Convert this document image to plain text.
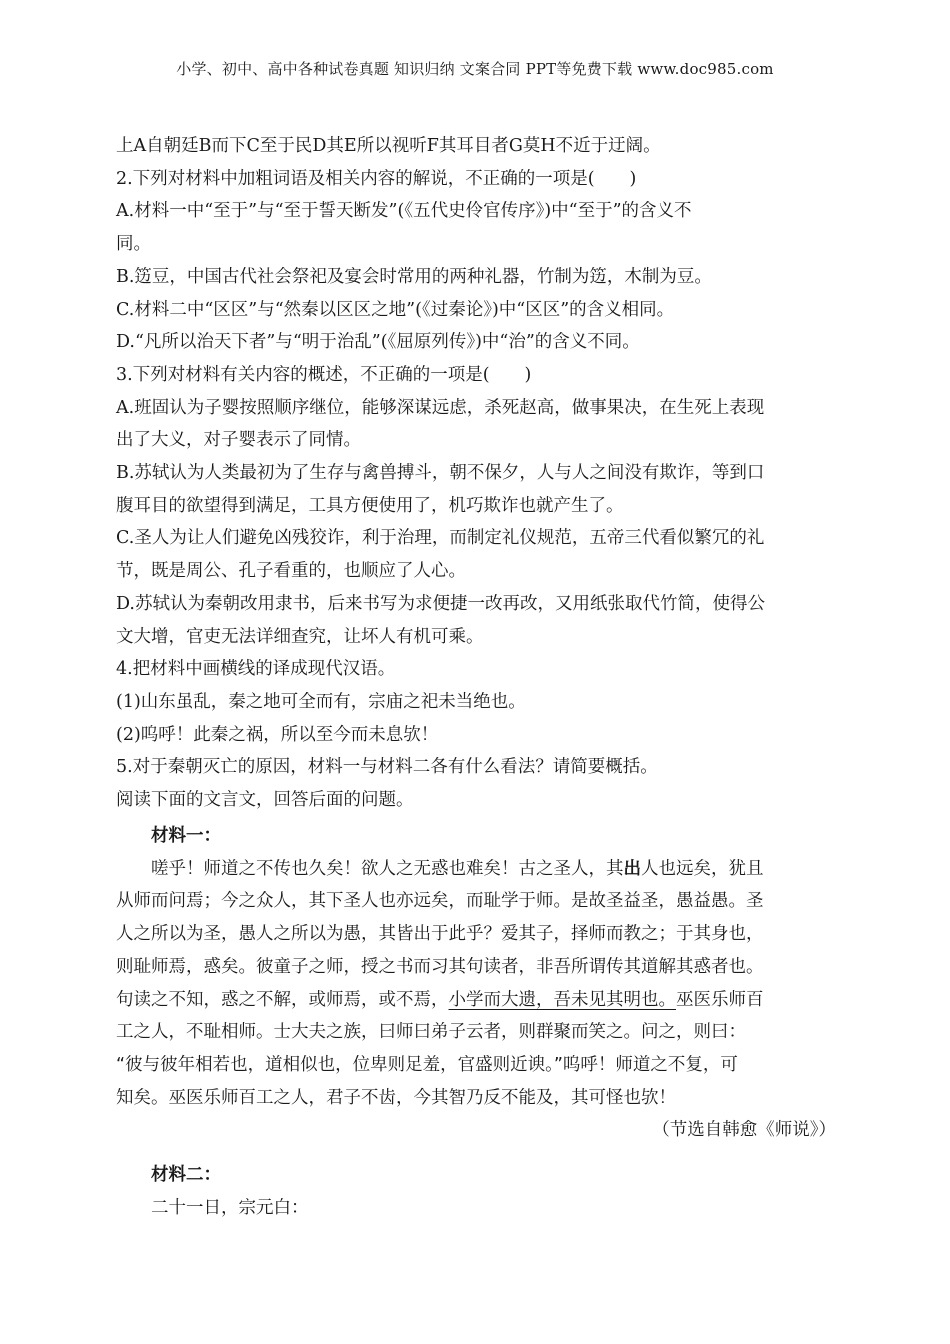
小学、初中、高中各种试卷真题 知识归纳 文案合同 PPT等免费下载 www.doc985.com
上A自朝廷B而下C至于民D其E所以视听F其耳目者G莫H不近于迂阔。
2.下列对材料中加粗词语及相关内容的解说，不正确的一项是(　　)
A.材料一中“至于”与“至于誓天断发”(《五代史伶官传序》)中“至于”的含义不
同。
B.笾豆，中国古代社会祭祀及宴会时常用的两种礼器，竹制为笾，木制为豆。
C.材料二中“区区”与“然秦以区区之地”(《过秦论》)中“区区”的含义相同。
D.“凡所以治天下者”与“明于治乱”(《屈原列传》)中“治”的含义不同。
3.下列对材料有关内容的概述，不正确的一项是(　　)
A.班固认为子婴按照顺序继位，能够深谋远虑，杀死赵高，做事果决，在生死上表现
出了大义，对子婴表示了同情。
B.苏轼认为人类最初为了生存与禽兽搏斗，朝不保夕，人与人之间没有欺诈，等到口
腹耳目的欲望得到满足，工具方便使用了，机巧欺诈也就产生了。
C.圣人为让人们避免凶残狡诈，利于治理，而制定礼仪规范，五帝三代看似繁冗的礼
节，既是周公、孔子看重的，也顺应了人心。
D.苏轼认为秦朝改用隶书，后来书写为求便捷一改再改，又用纸张取代竹简，使得公
文大增，官吏无法详细查究，让坏人有机可乘。
4.把材料中画横线的译成现代汉语。
(1)山东虽乱，秦之地可全而有，宗庙之祀未当绝也。
(2)呜呼！此秦之祸，所以至今而未息欤！
5.对于秦朝灭亡的原因，材料一与材料二各有什么看法？请简要概括。
阅读下面的文言文，回答后面的问题。
材料一：
嗟乎！师道之不传也久矣！欲人之无惑也难矣！古之圣人，其出人也远矣，犹且
从师而问焉；今之众人，其下圣人也亦远矣，而耻学于师。是故圣益圣，愚益愚。圣
人之所以为圣，愚人之所以为愚，其皆出于此乎？爱其子，择师而教之；于其身也，
则耻师焉，惑矣。彼童子之师，授之书而习其句读者，非吾所谓传其道解其惑者也。
句读之不知，惑之不解，或师焉，或不焉，小学而大遗，吾未见其明也。巫医乐师百
工之人，不耻相师。士大夫之族，曰师曰弟子云者，则群聚而笑之。问之，则曰：
“彼与彼年相若也，道相似也，位卑则足羞，官盛则近谀。”呜呼！师道之不复，可
知矣。巫医乐师百工之人，君子不齿，今其智乃反不能及，其可怪也欤！
（节选自韩愈《师说》）
材料二：
二十一日，宗元白：
